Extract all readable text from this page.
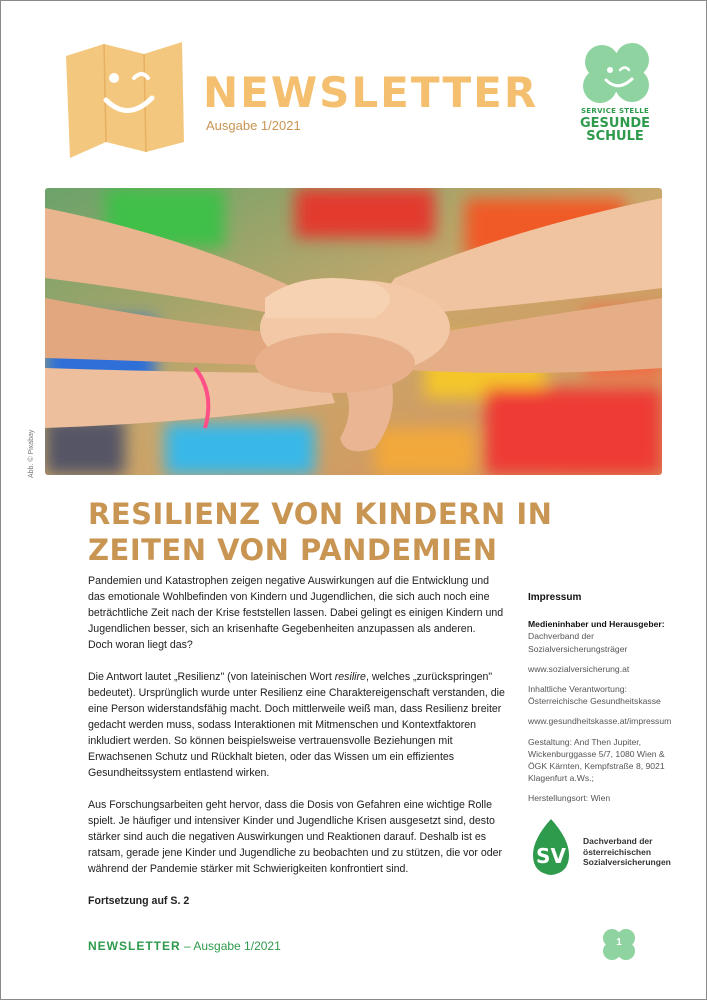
NEWSLETTER
Ausgabe 1/2021
SERVICE STELLE
GESUNDE
SCHULE
Abb. © Pixabay
RESILIENZ VON KINDERN IN
ZEITEN VON PANDEMIEN

Pandemien und Katastrophen zeigen negative Auswirkungen auf die Entwicklung und das emotionale Wohlbefinden von Kindern und Jugendlichen, die sich auch noch eine beträchtliche Zeit nach der Krise feststellen lassen. Dabei gelingt es einigen Kindern und Jugendlichen besser, sich an krisenhafte Gegebenheiten anzupassen als anderen.
Doch woran liegt das?

Die Antwort lautet „Resilienz" (von lateinischen Wort resilire, welches „zurückspringen" bedeutet). Ursprünglich wurde unter Resilienz eine Charaktereigenschaft verstanden, die eine Person widerstandsfähig macht. Doch mittlerweile weiß man, dass Resilienz breiter gedacht werden muss, sodass Interaktionen mit Mitmenschen und Kontextfaktoren inkludiert werden. So können beispielsweise vertrauensvolle Beziehungen mit Erwachsenen Schutz und Rückhalt bieten, oder das Wissen um ein effizientes Gesundheitssystem entlastend wirken.

Aus Forschungsarbeiten geht hervor, dass die Dosis von Gefahren eine wichtige Rolle spielt. Je häufiger und intensiver Kinder und Jugendliche Krisen ausgesetzt sind, desto stärker sind auch die negativen Auswirkungen und Reaktionen darauf. Deshalb ist es ratsam, gerade jene Kinder und Jugendliche zu beobachten und zu stützen, die vor oder während der Pandemie stärker mit Schwierigkeiten konfrontiert sind.

Fortsetzung auf S. 2

Impressum
Medieninhaber und Herausgeber:
Dachverband der Sozialversicherungsträger
www.sozialversicherung.at
Inhaltliche Verantwortung: Österreichische Gesundheitskasse
www.gesundheitskasse.at/impressum
Gestaltung: And Then Jupiter, Wickenburggasse 5/7, 1080 Wien & ÖGK Kärnten, Kempfstraße 8, 9021 Klagenfurt a.Ws.;
Herstellungsort: Wien
SV
Dachverband der österreichischen Sozialversicherungen
NEWSLETTER – Ausgabe 1/2021	1
